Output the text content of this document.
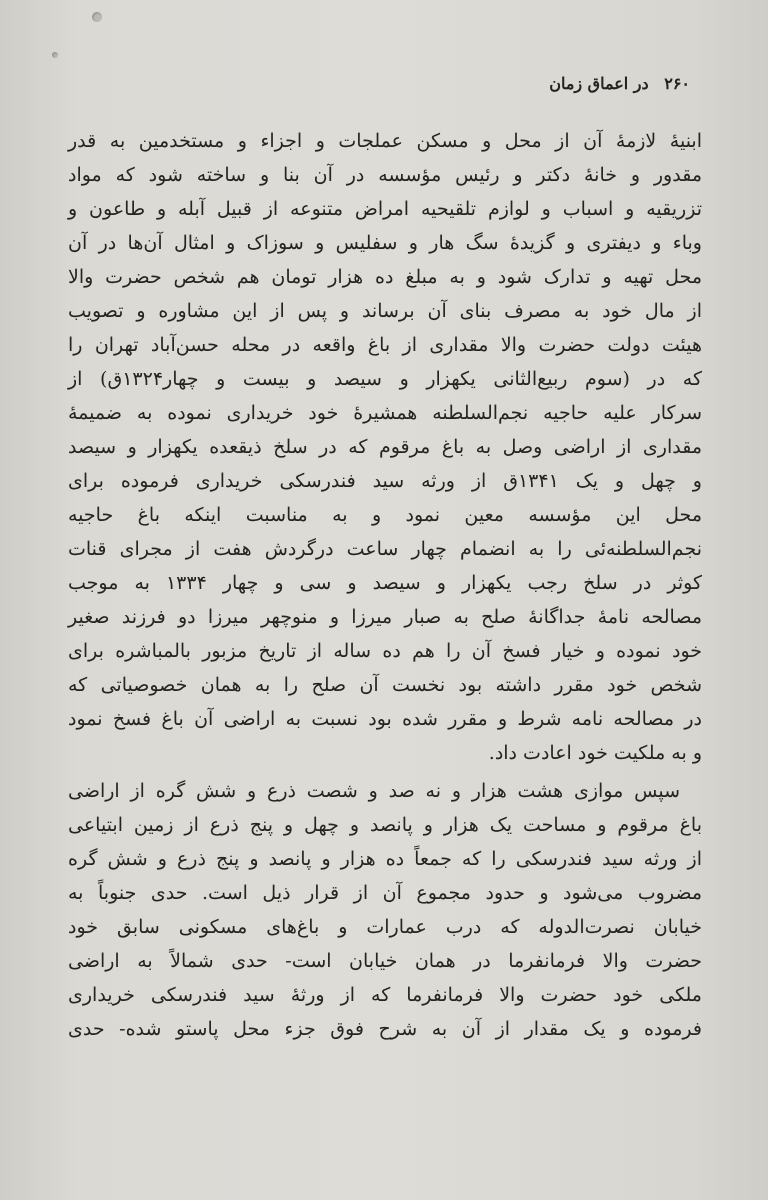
۲۶۰ در اعماق زمان
ابنیهٔ لازمهٔ آن از محل و مسکن عملجات و اجزاء و مستخدمین به قدر
مقدور و خانهٔ دکتر و رئیس مؤسسه در آن بنا و ساخته شود که مواد
تزریقیه و اسباب و لوازم تلقیحیه امراض متنوعه از قبیل آبله و طاعون و
وباء و دیفتری و گزیدهٔ سگ هار و سفلیس و سوزاک و امثال آن‌ها در آن
محل تهیه و تدارک شود و به مبلغ ده هزار تومان هم شخص حضرت والا
از مال خود به مصرف بنای آن برساند و پس از این مشاوره و تصویب
هیئت دولت حضرت والا مقداری از باغ واقعه در محله حسن‌آباد تهران را
که در (سوم ربیع‌الثانی یکهزار و سیصد و بیست و چهار۱۳۲۴ق) از
سرکار علیه حاجیه نجم‌السلطنه همشیرهٔ خود خریداری نموده به ضمیمهٔ
مقداری از اراضی وصل به باغ مرقوم که در سلخ ذیقعده یکهزار و سیصد
و چهل و یک ۱۳۴۱ق از ورثه سید فندرسکی خریداری فرموده برای
محل این مؤسسه معین نمود و به مناسبت اینکه باغ حاجیه
نجم‌السلطنه‌ئی را به انضمام چهار ساعت درگردش هفت از مجرای قنات
کوثر در سلخ رجب یکهزار و سیصد و سی و چهار ۱۳۳۴ به موجب
مصالحه نامهٔ جداگانهٔ صلح به صبار میرزا و منوچهر میرزا دو فرزند صغیر
خود نموده و خیار فسخ آن را هم ده ساله از تاریخ مزبور بالمباشره برای
شخص خود مقرر داشته بود نخست آن صلح را به همان خصوصیاتی که
در مصالحه نامه شرط و مقرر شده بود نسبت به اراضی آن باغ فسخ نمود
و به ملکیت خود اعادت داد.
سپس موازی هشت هزار و نه صد و شصت ذرع و شش گره از اراضی
باغ مرقوم و مساحت یک هزار و پانصد و چهل و پنج ذرع از زمین ابتیاعی
از ورثه سید فندرسکی را که جمعاً ده هزار و پانصد و پنج ذرع و شش گره
مضروب می‌شود و حدود مجموع آن از قرار ذیل است. حدی جنوباً به
خیابان نصرت‌الدوله که درب عمارات و باغ‌های مسکونی سابق خود
حضرت والا فرمانفرما در همان خیابان است- حدی شمالاً به اراضی
ملکی خود حضرت والا فرمانفرما که از ورثهٔ سید فندرسکی خریداری
فرموده و یک مقدار از آن به شرح فوق جزء محل پاستو شده- حدی
